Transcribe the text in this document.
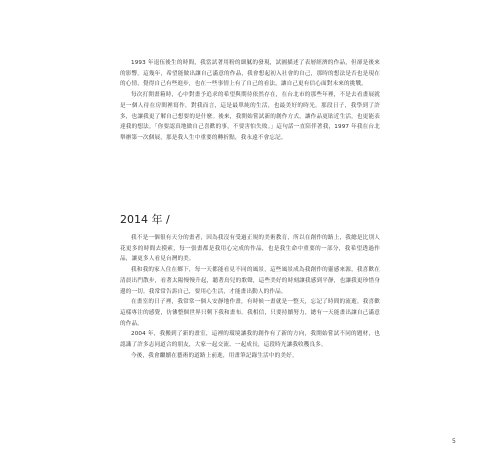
1993 年退伍後生的時間，我當試著用粉的細膩的發現，試圖描述了表層經濟的作品，但卻是後來的影響。這幾年，希望能做出讓自己滿意的作品，我會想起初入社會的自己，那時的想法是否也是現在的心情，覺得自己有些進步，也在一些事情上有了自己的看法，讓自己更有信心面對未來的挑戰。

每次打開畫箱時，心中對畫予追求的希望與期待依然存在，在台北市的那些年裡，不是去看畫展就是一個人待在房間裡寫作，對我而言，這是最單純的生活，也最美好的時光。那段日子，我學到了許多，也讓我更了解自己想要的是什麼。後來，我開始嘗試新的創作方式，讓作品更貼近生活，也更能表達我的想法。「你要認真地做自己喜歡的事，不要害怕失敗。」這句話一直陪伴著我，1997 年我在台北舉辦第一次個展，那是我人生中重要的轉折點，我永遠不會忘記。

2014 年 /

我不是一個很有天分的畫者，因為我沒有受過正規的美術教育，所以在創作的路上，我總是比別人花更多的時間去摸索，每一張畫都是我用心完成的作品，也是我生命中重要的一部分，我希望透過作品，讓更多人看見台灣的美。

我和我的家人住在鄉下，每一天都能看見不同的風景，這些風景成為我創作的靈感來源，我喜歡在清晨出門散步，看著太陽慢慢升起，聽著鳥兒的歌聲，這些美好的時刻讓我感到平靜，也讓我更珍惜身邊的一切。我常常告訴自己，要用心生活，才能畫出動人的作品。

在畫室的日子裡，我常常一個人安靜地作畫，有時候一畫就是一整天，忘記了時間的流逝。我喜歡這樣專注的感覺，彷彿整個世界只剩下我和畫布。我相信，只要持續努力，總有一天能畫出讓自己滿意的作品。

2004 年，我搬到了新的畫室，這裡的環境讓我的創作有了新的方向，我開始嘗試不同的題材，也認識了許多志同道合的朋友，大家一起交流、一起成長，這段時光讓我收穫良多。

今後，我會繼續在藝術的道路上前進，用畫筆記錄生活中的美好。

5
